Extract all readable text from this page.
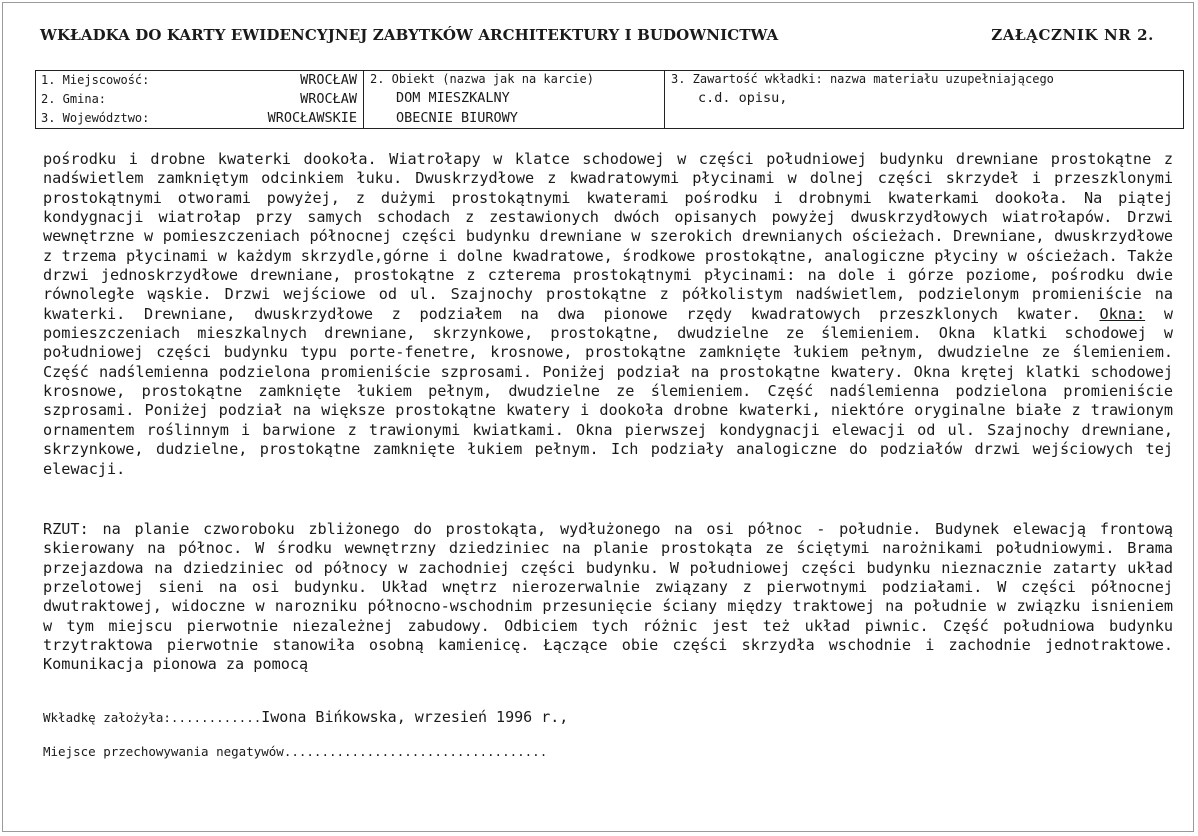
WKŁADKA DO KARTY EWIDENCYJNEJ ZABYTKÓW ARCHITEKTURY I BUDOWNICTWA	ZAŁĄCZNIK NR 2.
1. Miejscowość:	WROCŁAW
2. Gmina:	WROCŁAW
3. Województwo:	WROCŁAWSKIE

2. Obiekt (nazwa jak na karcie)
DOM MIESZKALNY
OBECNIE BIUROWY

3. Zawartość wkładki: nazwa materiału uzupełniającego
c.d. opisu,

pośrodku i drobne kwaterki dookoła. Wiatrołapy w klatce schodowej w części południowej budynku drewniane prostokątne z nadświetlem zamkniętym odcinkiem łuku. Dwuskrzydłowe z kwadratowymi płycinami w dolnej części skrzydeł i przeszklonymi prostokątnymi otworami powyżej, z dużymi prostokątnymi kwaterami pośrodku i drobnymi kwaterkami dookoła. Na piątej kondygnacji wiatrołap przy samych schodach z zestawionych dwóch opisanych powyżej dwuskrzydłowych wiatrołapów. Drzwi wewnętrzne w pomieszczeniach północnej części budynku drewniane w szerokich drewnianych ościeżach. Drewniane, dwuskrzydłowe z trzema płycinami w każdym skrzydle,górne i dolne kwadratowe, środkowe prostokątne, analogiczne płyciny w ościeżach. Także drzwi jednoskrzydłowe drewniane, prostokątne z czterema prostokątnymi płycinami: na dole i górze poziome, pośrodku dwie równoległe wąskie. Drzwi wejściowe od ul. Szajnochy prostokątne z półkolistym nadświetlem, podzielonym promieniście na kwaterki. Drewniane, dwuskrzydłowe z podziałem na dwa pionowe rzędy kwadratowych przeszklonych kwater. Okna: w pomieszczeniach mieszkalnych drewniane, skrzynkowe, prostokątne, dwudzielne ze ślemieniem. Okna klatki schodowej w południowej części budynku typu porte-fenetre, krosnowe, prostokątne zamknięte łukiem pełnym, dwudzielne ze ślemieniem. Część nadślemienna podzielona promieniście szprosami. Poniżej podział na prostokątne kwatery. Okna krętej klatki schodowej krosnowe, prostokątne zamknięte łukiem pełnym, dwudzielne ze ślemieniem. Część nadślemienna podzielona promieniście szprosami. Poniżej podział na większe prostokątne kwatery i dookoła drobne kwaterki, niektóre oryginalne białe z trawionym ornamentem roślinnym i barwione z trawionymi kwiatkami. Okna pierwszej kondygnacji elewacji od ul. Szajnochy drewniane, skrzynkowe, dudzielne, prostokątne zamknięte łukiem pełnym. Ich podziały analogiczne do podziałów drzwi wejściowych tej elewacji.

RZUT: na planie czworoboku zbliżonego do prostokąta, wydłużonego na osi północ - południe. Budynek elewacją frontową skierowany na północ. W środku wewnętrzny dziedziniec na planie prostokąta ze ściętymi narożnikami południowymi. Brama przejazdowa na dziedziniec od północy w zachodniej części budynku. W południowej części budynku nieznacznie zatarty układ przelotowej sieni na osi budynku. Układ wnętrz nierozerwalnie związany z pierwotnymi podziałami. W części północnej dwutraktowej, widoczne w narozniku północno-wschodnim przesunięcie ściany między traktowej na południe w związku isnieniem w tym miejscu pierwotnie niezależnej zabudowy. Odbiciem tych różnic jest też układ piwnic. Część południowa budynku trzytraktowa pierwotnie stanowiła osobną kamienicę. Łączące obie części skrzydła wschodnie i zachodnie jednotraktowe. Komunikacja pionowa za pomocą

Wkładkę założyła:............Iwona Bińkowska, wrzesień 1996 r.,
Miejsce przechowywania negatywów...................................
